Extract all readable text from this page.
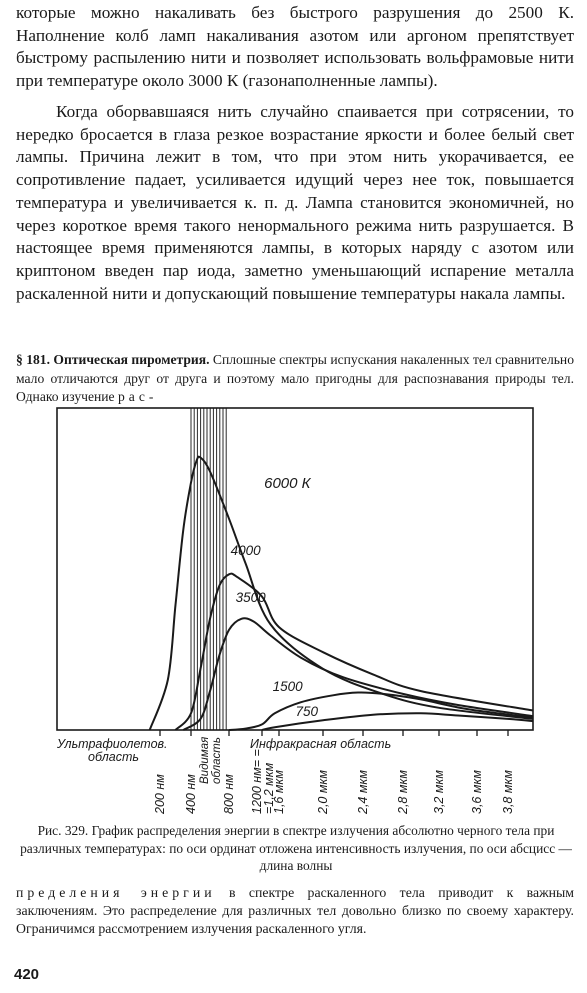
которые можно накаливать без быстрого разрушения до 2500 К. Наполнение колб ламп накаливания азотом или аргоном препятствует быстрому распылению нити и позволяет использовать вольфрамовые нити при температуре около 3000 К (газонаполненные лампы).

Когда оборвавшаяся нить случайно спаивается при сотрясении, то нередко бросается в глаза резкое возрастание яркости и более белый свет лампы. Причина лежит в том, что при этом нить укорачивается, ее сопротивление падает, усиливается идущий через нее ток, повышается температура и увеличивается к. п. д. Лампа становится экономичней, но через короткое время такого ненормального режима нить разрушается. В настоящее время применяются лампы, в которых наряду с азотом или криптоном введен пар иода, заметно уменьшающий испарение металла раскаленной нити и допускающий повышение температуры накала лампы.

§ 181. Оптическая пирометрия. Сплошные спектры испускания накаленных тел сравнительно мало отличаются друг от друга и поэтому мало пригодны для распознавания природы тел. Однако изучение рас-

6000 К
4000
3500
1500
750
200 нм 400 нм 800 нм 1200 нм= =
=1,2 мкм
1,6 мкм 2,0 мкм 2,4 мкм 2,8 мкм 3,2 мкм 3,6 мкм 3,8 мкм
Ультрафиолетов.
область
Инфракрасная область
Видимая область

Рис. 329. График распределения энергии в спектре излучения абсолютно черного тела при различных температурах: по оси ординат отложена интенсивность излучения, по оси абсцисс — длина волны

пределения энергии в спектре раскаленного тела приводит к важным заключениям. Это распределение для различных тел довольно близко по своему характеру. Ограничимся рассмотрением излучения раскаленного угля.

420
